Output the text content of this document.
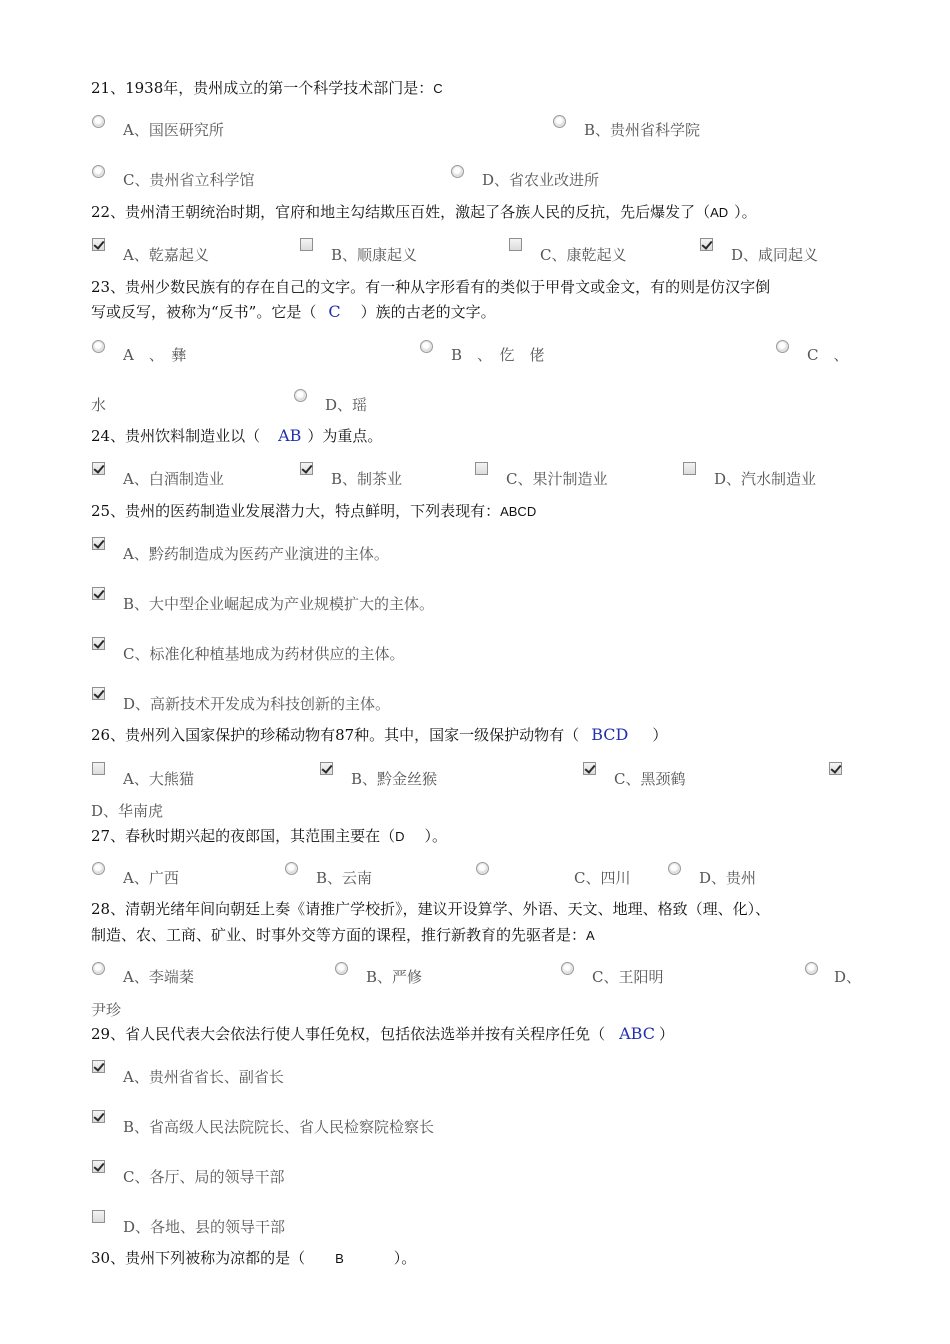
21、1938年，贵州成立的第一个科学技术部门是：C
A、国医研究所	B、贵州省科学院
C、贵州省立科学馆	D、省农业改进所
22、贵州清王朝统治时期，官府和地主勾结欺压百姓，激起了各族人民的反抗，先后爆发了（AD ）。
A、乾嘉起义	B、顺康起义	C、康乾起义	D、咸同起义
23、贵州少数民族有的存在自己的文字。有一种从字形看有的类似于甲骨文或金文，有的则是仿汉字倒
写或反写，被称为“反书”。它是（ C ）族的古老的文字。
A　、　彝	B　、　仡　佬	C　、
水	D、瑶
24、贵州饮料制造业以（ AB ）为重点。
A、白酒制造业	B、制茶业	C、果汁制造业	D、汽水制造业
25、贵州的医药制造业发展潜力大，特点鲜明，下列表现有：ABCD
A、黔药制造成为医药产业演进的主体。
B、大中型企业崛起成为产业规模扩大的主体。
C、标准化种植基地成为药材供应的主体。
D、高新技术开发成为科技创新的主体。
26、贵州列入国家保护的珍稀动物有87种。其中，国家一级保护动物有（ BCD ）
A、大熊猫	B、黔金丝猴	C、黑颈鹤
D、华南虎
27、春秋时期兴起的夜郎国，其范围主要在（D ）。
A、广西	B、云南	C、四川	D、贵州
28、清朝光绪年间向朝廷上奏《请推广学校折》，建议开设算学、外语、天文、地理、格致（理、化）、
制造、农、工商、矿业、时事外交等方面的课程，推行新教育的先驱者是：A
A、李端棻	B、严修	C、王阳明	D、
尹珍
29、省人民代表大会依法行使人事任免权，包括依法选举并按有关程序任免（ ABC ）
A、贵州省省长、副省长
B、省高级人民法院院长、省人民检察院检察长
C、各厅、局的领导干部
D、各地、县的领导干部
30、贵州下列被称为凉都的是（ B	）。
